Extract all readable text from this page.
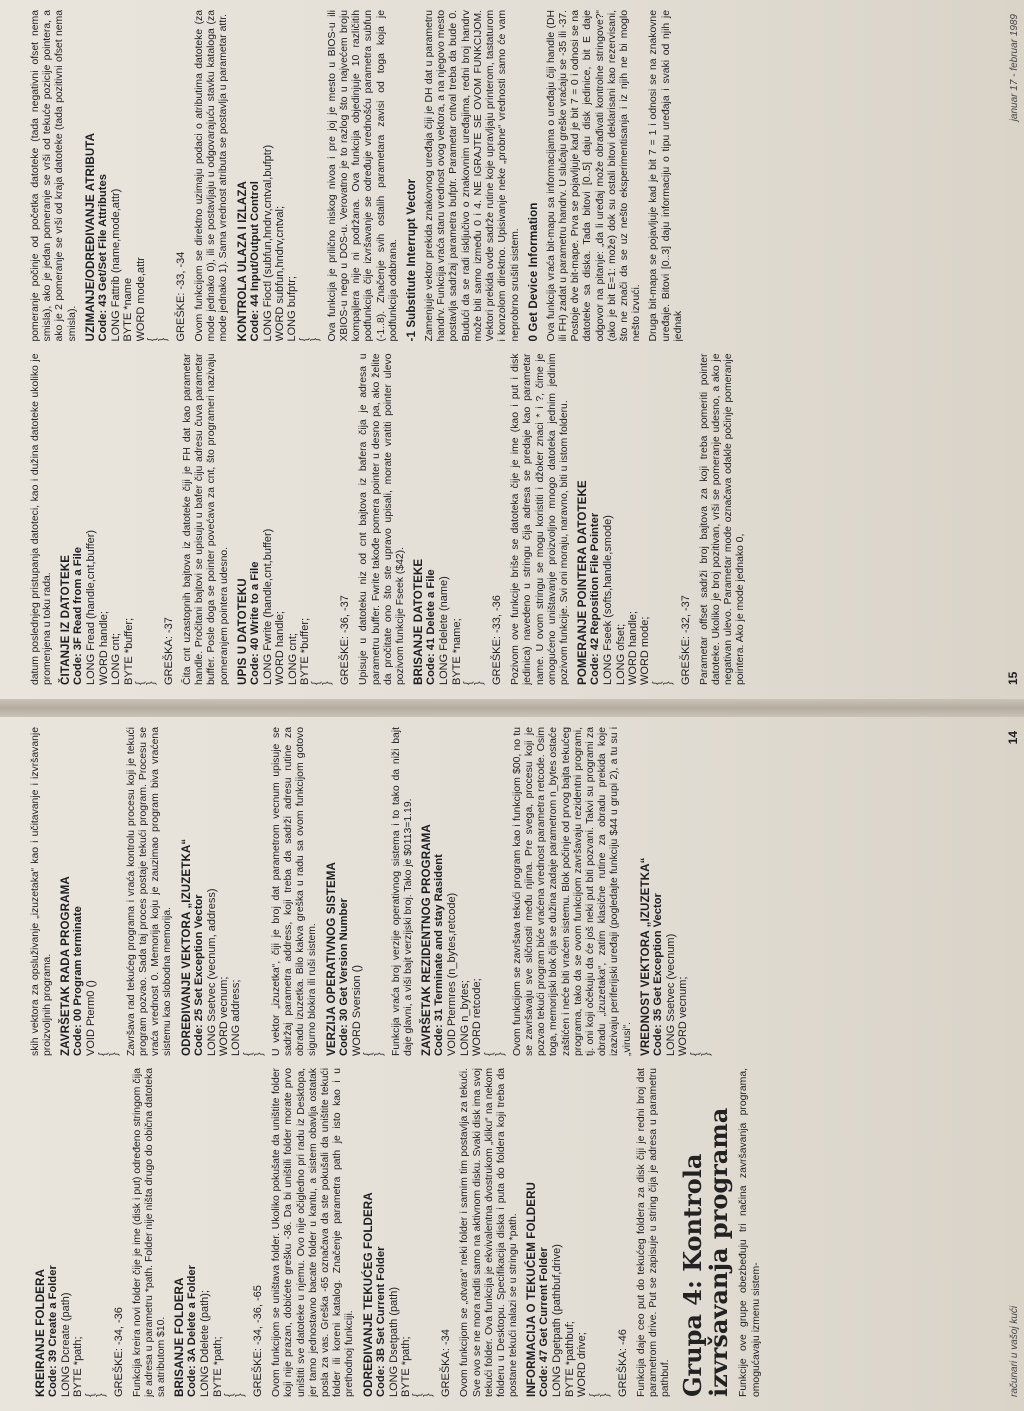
KREIRANJE FOLDERA Code: 39 Create a Folder LONG Dcreate (path) BYTE *path; {
} GREŠKE: -34, -36 Funkcija kreira novi folder čije je ime (disk i put) određeno stringom čija je adresa u parametru *path. Folder nije ništa drugo do obična datoteka sa atributom $10. BRISANJE FOLDERA Code: 3A Delete a Folder LONG Ddelete (path); BYTE *path; {
} GREŠKE: -34, -36, -65 Ovom funkcijom se uništava folder. Ukoliko pokušate da uništite folder koji nije prazan, dobićete grešku -36. Da bi uništili folder morate prvo uništiti sve datoteke u njemu. Ovo nije očigledno pri radu iz Desktopa, jer tamo jednostavno bacate folder u kantu, a sistem obavlja ostatak posla za vas. Greška -65 označava da ste pokušali da uništite tekući folder ili koreni katalog. Značenje parametra path je isto kao i u prethodnoj funkciji. ODREĐIVANJE TEKUĆEG FOLDERA Code: 3B Set Current Folder LONG Dsetpath (path) BYTE *path; {
} GREŠKA: -34 Ovom funkcijom se „otvara“ neki folder i samim tim postavlja za tekući. Sve ovo se ne mora raditi samo na aktivnom disku. Svaki disk ima svoj tekući folder. Ova funkcija je ekvivalentna dvostrukom „kliku“ na nekom folderu u Desktopu. Specifikacija diska i puta do foldera koji treba da postane tekući nalazi se u stringu *path. INFORMACIJA O TEKUĆEM FOLDERU Code: 47 Get Current Folder LONG Dgetpath (pathbuf,drive) BYTE *pathbuf; WORD drive; {
} GREŠKA: -46 Funkcija daje ceo put do tekućeg foldera za disk čiji je redni broj dat parametrom drive. Put se zapisuje u string čija je adresa u parametru pathbuf. Grupa 4: Kontrola
izvršavanja programa Funkcije ove grupe obezbeđuju tri načina završavanja programa, omogućavaju izmenu sistem-

skih vektora za opsluživanje „izuzetaka“ kao i učitavanje i izvršavanje proizvoljnih programa. ZAVRŠETAK RADA PROGRAMA Code: 00 Program terminate VOID Pterm0 () {
} Završava rad tekućeg programa i vraća kontrolu procesu koji je tekući program pozvao. Sada taj proces postaje tekući program. Procesu se vraća vrednost 0. Memorija koju je zauzimao program biva vraćena sistemu kao slobodna memorija. ODREĐIVANJE VEKTORA „IZUZETKA“ Code: 25 Set Exception Vector LONG Ssetvec (vecnum, address) WORD vecnum; LONG address; {
} U vektor „izuzetka“, čiji je broj dat parametrom vecnum upisuje se sadržaj parametra address, koji treba da sadrži adresu rutine za obradu izuzetka. Bilo kakva greška u radu sa ovom funkcijom gotovo sigurno blokira ili ruši sistem. VERZIJA OPERATIVNOG SISTEMA Code: 30 Get Version Number WORD Sversion () {
} Funkcija vraća broj verzije operativnog sistema i to tako da niži bajt daje glavni, a viši bajt verzijski broj. Tako je $0113=1.19. ZAVRŠETAK REZIDENTNOG PROGRAMA Code: 31 Terminate and stay Rasident VOID Ptermres (n_bytes,retcode) LONG n_bytes; WORD retcode; {
} Ovom funkcijom se završava tekući program kao i funkcijom $00, no tu se završavaju sve sličnosti među njima. Pre svega, procesu koji je pozvao tekući program biće vraćena vrednost parametra retcode. Osim toga, memorijski blok čija se dužina zadaje parametrom n_bytes ostaće zaštićen i neće biti vraćen sistemu. Blok počinje od prvog bajta tekućeg programa, tako da se ovom funkcijom završavaju rezidentni programi, tj. oni koji očekuju da će još neki put biti pozvani. Takvi su programi za obradu „izuzetaka“, zatim klasične rutine za obradu prekida koje izazivaju periferijski uređaji (pogledajte funkciju $44 u grupi 2), a tu su i „virusi“. VREDNOST VEKTORA „IZUZETKA“ Code: 35 Get Exception Vector LONG Ssetvec (vecnum) WORD vecnum; {
}
računari u vašoj kući
14

datum poslednjeg pristupanja datoteci, kao i dužina datoteke ukoliko je promenjena u toku rada. ČITANJE IZ DATOTEKE Code: 3F Read from a File LONG Fread (handle,cnt,buffer) WORD handle; LONG cnt; BYTE *buffer; {
} GREŠKA: -37 Čita cnt uzastopnih bajtova iz datoteke čiji je FH dat kao parametar handle. Pročitani bajtovi se upisuju u bafer čiju adresu čuva parametar buffer. Posle doga se pointer povećava za cnt, što programeri nazivaju pomeranjem pointera udesno. UPIS U DATOTEKU Code: 40 Write to a File LONG Fwrite (handle,cnt,buffer) WORD handle; LONG cnt; BYTE *buffer; {
} GREŠKE: -36, -37 Upisuje u datoteku niz od cnt bajtova iz bafera čija je adresa u parametru buffer. Fwrite takođe pomera pointer u desno pa, ako želite da pročitate ono što ste upravo upisali, morate vratiti pointer ulevo pozivom funkcije Fseek ($42). BRISANJE DATOTEKE Code: 41 Delete a File LONG Fdelete (name) BYTE *name; {
} GREŠKE: -33, -36 Pozivom ove funkcije briše se datoteka čije je ime (kao i put i disk jedinica) navedeno u stringu čija adresa se predaje kao parametar name. U ovom stringu se mogu koristiti i džoker znaci * i ?, čime je omogućeno uništavanje proizvoljno mnogo datoteka jednim jedinim pozivom funkcije. Svi oni moraju, naravno, biti u istom folderu. POMERANJE POINTERA DATOTEKE Code: 42 Reposition File Pointer LONG Fseek (softs,handle,smode) LONG ofset; WORD handle; WORD mode; {
} GREŠKE: -32, -37 Parametar offset sadrži broj bajtova za koji treba pomeriti pointer datoteke. Ukoliko je broj pozitivan, vrši se pomeranje udesno, a ako je negativan ulevo. Parametar mode označava odakle počinje pomeranje pointera. Ako je mode jednako 0,

pomeranje počinje od početka datoteke (tada negativni ofset nema smisla), ako je jedan pomeranje se vrši od tekuće pozicije pointera, a ako je 2 pomeranje se vrši od kraja datoteke (tada pozitivni ofset nema smisla). UZIMANJE/ODREĐIVANJE ATRIBUTA Code: 43 Get/Set File Attributes LONG Fattrib (name,mode,attr) BYTE *name WORD mode,attr {
} GREŠKE: -33, -34 Ovom funkcijom se direktno uzimaju podaci o atributima datoteke (za mode jednako 0), ili se postavljaju u odgovarajuću stavku kataloga (za mode jednako 1). Sama vrednost atributa se postavlja u parametar attr. KONTROLA ULAZA I IZLAZA Code: 44 Input/Output Control LONG Fioctl (subfun,hndrv,cntval,bufptr) WORD subfun,hndrv,cntval; LONG bufptr; {
} Ova funkcija je prilično niskog nivoa i pre joj je mesto u BIOS-u ili XBIOS-u nego u DOS-u. Verovatno je to razlog što u najvećem broju kompajlera nije ni podržana. Ova funkcija objedinjuje 10 različitih podfunkcija čije izvršavanje se određuje vrednošću parametra subfun (-1..8). Značenje svih ostalih parametara zavisi od toga koja je podfunkcija odabrana. -1 Substitute Interrupt Vector Zamenjuje vektor prekida znakovnog uređaja čiji je DH dat u parametru handrv. Funkcija vraća staru vrednost ovog vektora, a na njegovo mesto postavlja sadržaj parametra bufptr. Parametar cntval treba da bude 0. Budući da se radi isključivo o znakovnim uređajima, redni broj handrv može biti samo između 0 i 4. NE IGRAJTE SE OVOM FUNKCIJOM. Vektori prekida ovde sadrže rutine koje upravljaju printerom, tastaturom i konzolom direktno. Upisivanje neke „probne“ vrednosti samo će vam neprobrno srušiti sistem. 0 Get Device Information Ova funkcija vraća bit-mapu sa informacijama o uređaju čiji handle (DH ili FH) zadat u parametru handrv. U slučaju greške vraćaju se -35 ili -37. Postoje dve bit-mape. Prva se pojavljuje kad je bit 7 = 0 i odnosi se na datoteke sa diska. Tada bitovi [0..5] daju disk jedinice, bit E daje odgovor na pitanje: „da li uređaj može obrađivati kontrolne stringove?“ (ako je bit E=1: može) dok su ostali bitovi deklarisani kao rezervisani, što ne znači da se uz nešto eksperimentisanja i iz njih ne bi moglo nešto izvući. Druga bit-mapa se pojavljuje kad je bit 7 = 1 i odnosi se na znakovne uređaje. Bitovi [0..3] daju informaciju o tipu uređaja i svaki od njih je jednak

15
januar 17 - februar 1989
